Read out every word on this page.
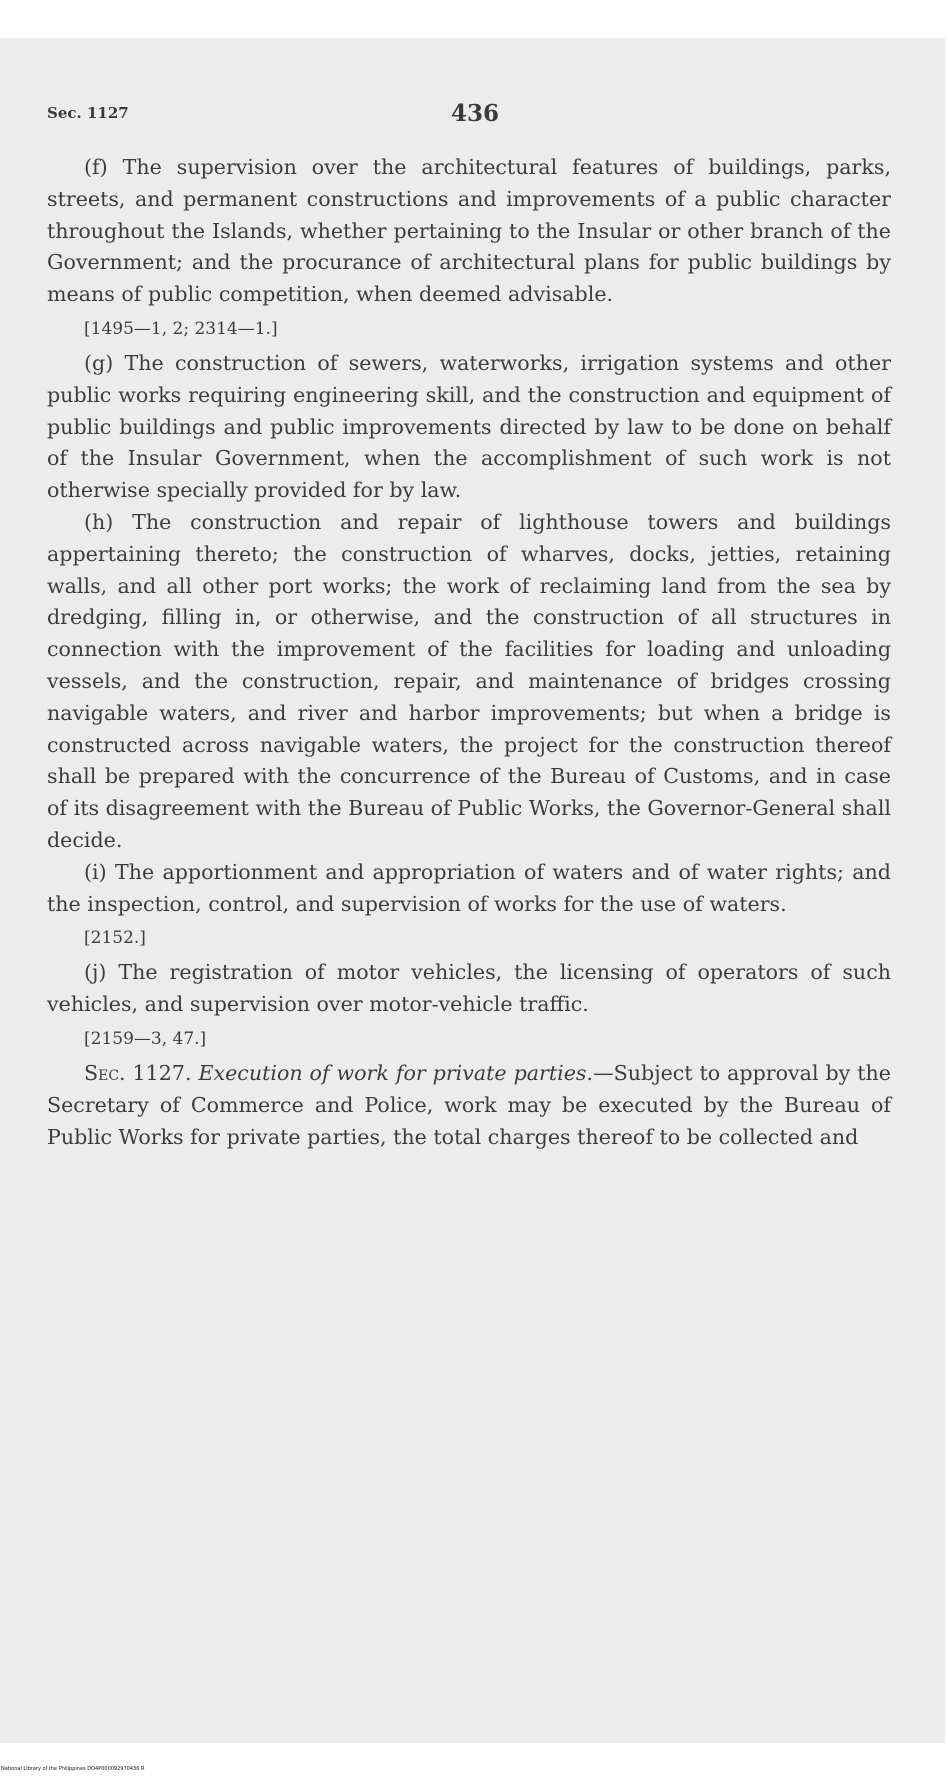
Sec. 1127	436

(f) The supervision over the architectural features of buildings, parks, streets, and permanent constructions and improvements of a public character throughout the Islands, whether pertaining to the Insular or other branch of the Government; and the procurance of architectural plans for public buildings by means of public competition, when deemed advisable.

[1495—1, 2; 2314—1.]

(g) The construction of sewers, waterworks, irrigation systems and other public works requiring engineering skill, and the construction and equipment of public buildings and public improvements directed by law to be done on behalf of the Insular Government, when the accomplishment of such work is not otherwise specially provided for by law.

(h) The construction and repair of lighthouse towers and buildings appertaining thereto; the construction of wharves, docks, jetties, retaining walls, and all other port works; the work of reclaiming land from the sea by dredging, filling in, or otherwise, and the construction of all structures in connection with the improvement of the facilities for loading and unloading vessels, and the construction, repair, and maintenance of bridges crossing navigable waters, and river and harbor improvements; but when a bridge is constructed across navigable waters, the project for the construction thereof shall be prepared with the concurrence of the Bureau of Customs, and in case of its disagreement with the Bureau of Public Works, the Governor-General shall decide.

(i) The apportionment and appropriation of waters and of water rights; and the inspection, control, and supervision of works for the use of waters.

[2152.]

(j) The registration of motor vehicles, the licensing of operators of such vehicles, and supervision over motor-vehicle traffic.

[2159—3, 47.]

Sec. 1127. Execution of work for private parties.—Subject to approval by the Secretary of Commerce and Police, work may be executed by the Bureau of Public Works for private parties, the total charges thereof to be collected and

National Library of the Philippines DO4P000092970436 R
